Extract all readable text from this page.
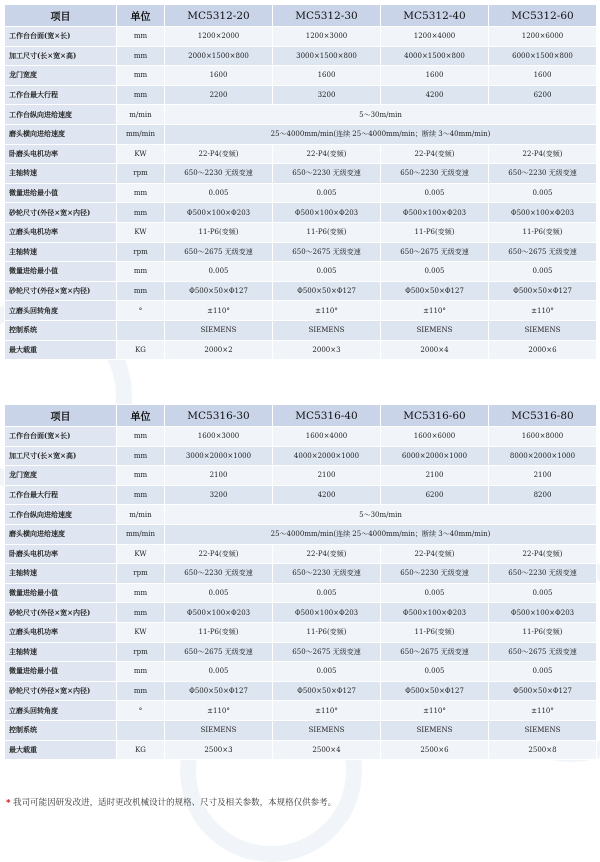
项目	单位	MC5312-20	MC5312-30	MC5312-40	MC5312-60
工作台台面(宽×长)	mm	1200×2000	1200×3000	1200×4000	1200×6000
加工尺寸(长×宽×高)	mm	2000×1500×800	3000×1500×800	4000×1500×800	6000×1500×800
龙门宽度	mm	1600	1600	1600	1600
工作台最大行程	mm	2200	3200	4200	6200
工作台纵向进给速度	m/min	5～30m/min			
磨头横向进给速度	mm/min	25～4000mm/min(连续 25～4000mm/min；断续 3～40mm/min)			
卧磨头电机功率	KW	22-P4(变频)	22-P4(变频)	22-P4(变频)	22-P4(变频)
主轴转速	rpm	650～2230 无级变速	650～2230 无级变速	650～2230 无级变速	650～2230 无级变速
微量进给最小值	mm	0.005	0.005	0.005	0.005
砂轮尺寸(外径×宽×内径)	mm	Φ500×100×Φ203	Φ500×100×Φ203	Φ500×100×Φ203	Φ500×100×Φ203
立磨头电机功率	KW	11-P6(变频)	11-P6(变频)	11-P6(变频)	11-P6(变频)
主轴转速	rpm	650～2675 无级变速	650～2675 无级变速	650～2675 无级变速	650～2675 无级变速
微量进给最小值	mm	0.005	0.005	0.005	0.005
砂轮尺寸(外径×宽×内径)	mm	Φ500×50×Φ127	Φ500×50×Φ127	Φ500×50×Φ127	Φ500×50×Φ127
立磨头回转角度	°	±110°	±110°	±110°	±110°
控制系统		SIEMENS	SIEMENS	SIEMENS	SIEMENS
最大载重	KG	2000×2	2000×3	2000×4	2000×6
项目	单位	MC5316-30	MC5316-40	MC5316-60	MC5316-80
工作台台面(宽×长)	mm	1600×3000	1600×4000	1600×6000	1600×8000
加工尺寸(长×宽×高)	mm	3000×2000×1000	4000×2000×1000	6000×2000×1000	8000×2000×1000
龙门宽度	mm	2100	2100	2100	2100
工作台最大行程	mm	3200	4200	6200	8200
工作台纵向进给速度	m/min	5～30m/min			
磨头横向进给速度	mm/min	25～4000mm/min(连续 25～4000mm/min；断续 3～40mm/min)			
卧磨头电机功率	KW	22-P4(变频)	22-P4(变频)	22-P4(变频)	22-P4(变频)
主轴转速	rpm	650～2230 无级变速	650～2230 无级变速	650～2230 无级变速	650～2230 无级变速
微量进给最小值	mm	0.005	0.005	0.005	0.005
砂轮尺寸(外径×宽×内径)	mm	Φ500×100×Φ203	Φ500×100×Φ203	Φ500×100×Φ203	Φ500×100×Φ203
立磨头电机功率	KW	11-P6(变频)	11-P6(变频)	11-P6(变频)	11-P6(变频)
主轴转速	rpm	650～2675 无级变速	650～2675 无级变速	650～2675 无级变速	650～2675 无级变速
微量进给最小值	mm	0.005	0.005	0.005	0.005
砂轮尺寸(外径×宽×内径)	mm	Φ500×50×Φ127	Φ500×50×Φ127	Φ500×50×Φ127	Φ500×50×Φ127
立磨头回转角度	°	±110°	±110°	±110°	±110°
控制系统		SIEMENS	SIEMENS	SIEMENS	SIEMENS
最大载重	KG	2500×3	2500×4	2500×6	2500×8
* 我司可能因研发改进，适时更改机械设计的规格、尺寸及相关参数，本规格仅供参考。
